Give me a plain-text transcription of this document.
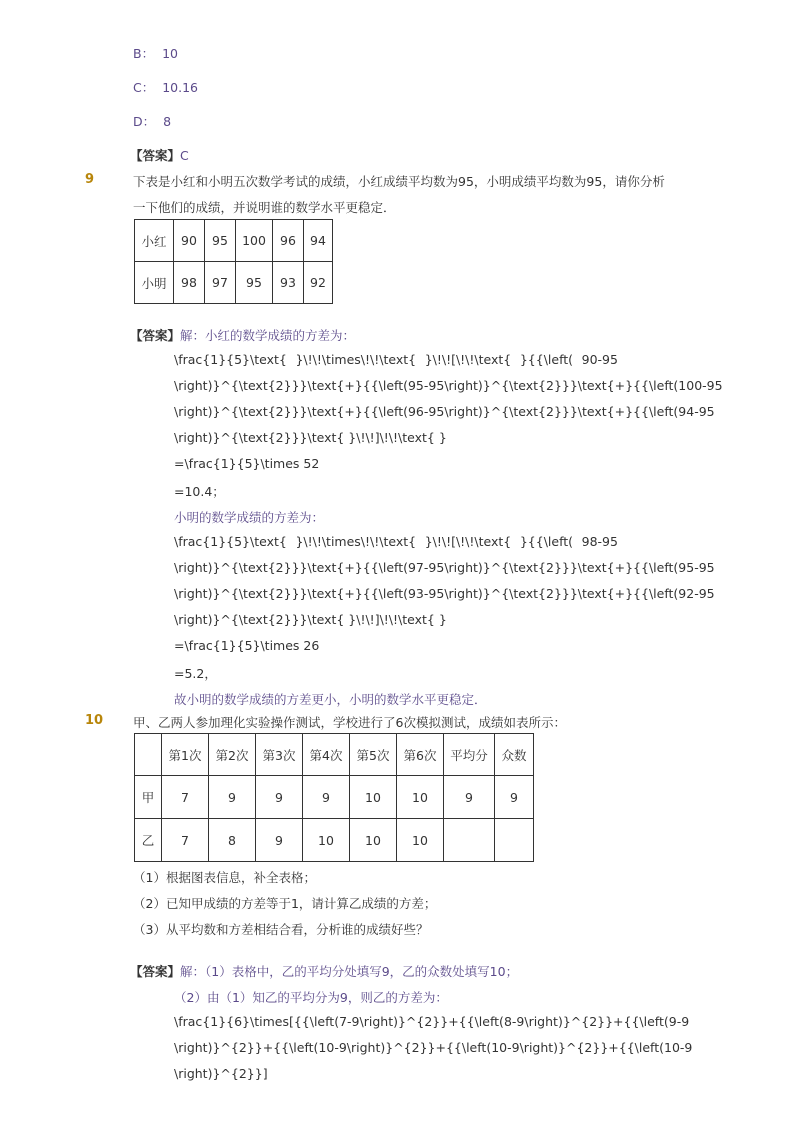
B： 10
C： 10.16
D： 8
【答案】C
9	下表是小红和小明五次数学考试的成绩，小红成绩平均数为95，小明成绩平均数为95，请你分析
一下他们的成绩，并说明谁的数学水平更稳定．
小红	90	95	100	96	94
小明	98	97	95	93	92
【答案】解：小红的数学成绩的方差为：
\frac{1}{5}\text{ }\!\!\times\!\!\text{ }\!\![\!\!\text{ }{{\left( 90-95
\right)}^{\text{2}}}\text{+}{{\left( 95-95 \right)}^{\text{2}}}\text{+}{{\left( 100-95
\right)}^{\text{2}}}\text{+}{{\left( 96-95 \right)}^{\text{2}}}\text{+}{{\left( 94-95
\right)}^{\text{2}}}\text{ }\!\!]\!\!\text{ }
=\frac{1}{5}\times 52
=10.4；
小明的数学成绩的方差为：
\frac{1}{5}\text{ }\!\!\times\!\!\text{ }\!\![\!\!\text{ }{{\left( 98-95
\right)}^{\text{2}}}\text{+}{{\left( 97-95 \right)}^{\text{2}}}\text{+}{{\left( 95-95
\right)}^{\text{2}}}\text{+}{{\left( 93-95 \right)}^{\text{2}}}\text{+}{{\left( 92-95
\right)}^{\text{2}}}\text{ }\!\!]\!\!\text{ }
=\frac{1}{5}\times 26
=5.2，
故小明的数学成绩的方差更小，小明的数学水平更稳定．
10 甲、乙两人参加理化实验操作测试，学校进行了6次模拟测试，成绩如表所示：
	第1次	第2次	第3次	第4次	第5次	第6次	平均分	众数
甲	7	9	9	9	10	10	9	9
乙	7	8	9	10	10	10		
（1）根据图表信息，补全表格；
（2）已知甲成绩的方差等于1，请计算乙成绩的方差；
（3）从平均数和方差相结合看，分析谁的成绩好些？
【答案】解：（1）表格中，乙的平均分处填写9，乙的众数处填写10；
（2）由（1）知乙的平均分为9，则乙的方差为：
\frac{1}{6}\times [{{\left( 7-9 \right)}^{2}}+{{\left( 8-9 \right)}^{2}}+{{\left( 9-9
\right)}^{2}}+{{\left( 10-9 \right)}^{2}}+{{\left( 10-9 \right)}^{2}}+{{\left( 10-9
\right)}^{2}}]
